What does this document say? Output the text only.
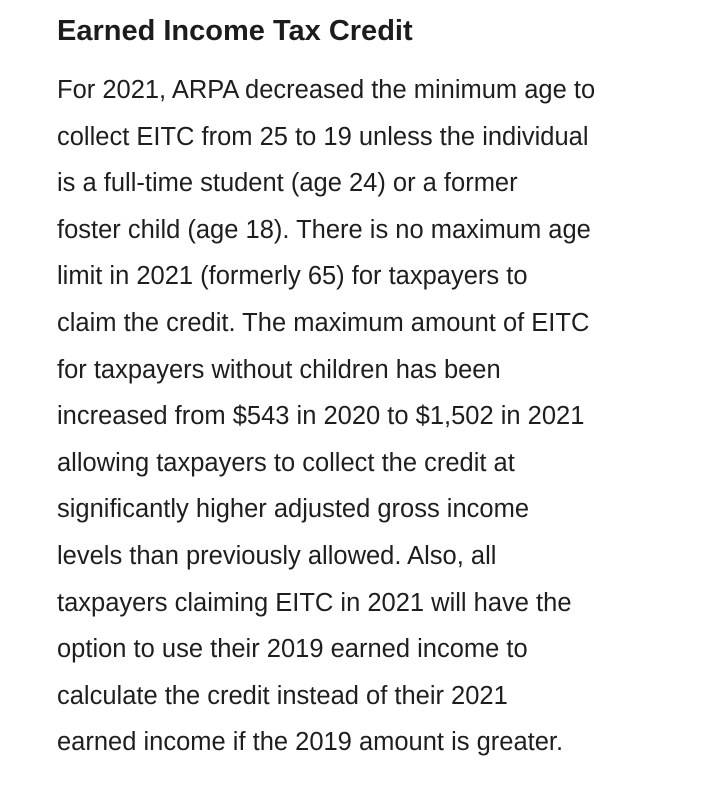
Earned Income Tax Credit
For 2021, ARPA decreased the minimum age to
collect EITC from 25 to 19 unless the individual
is a full-time student (age 24) or a former
foster child (age 18). There is no maximum age
limit in 2021 (formerly 65) for taxpayers to
claim the credit. The maximum amount of EITC
for taxpayers without children has been
increased from $543 in 2020 to $1,502 in 2021
allowing taxpayers to collect the credit at
significantly higher adjusted gross income
levels than previously allowed. Also, all
taxpayers claiming EITC in 2021 will have the
option to use their 2019 earned income to
calculate the credit instead of their 2021
earned income if the 2019 amount is greater.
